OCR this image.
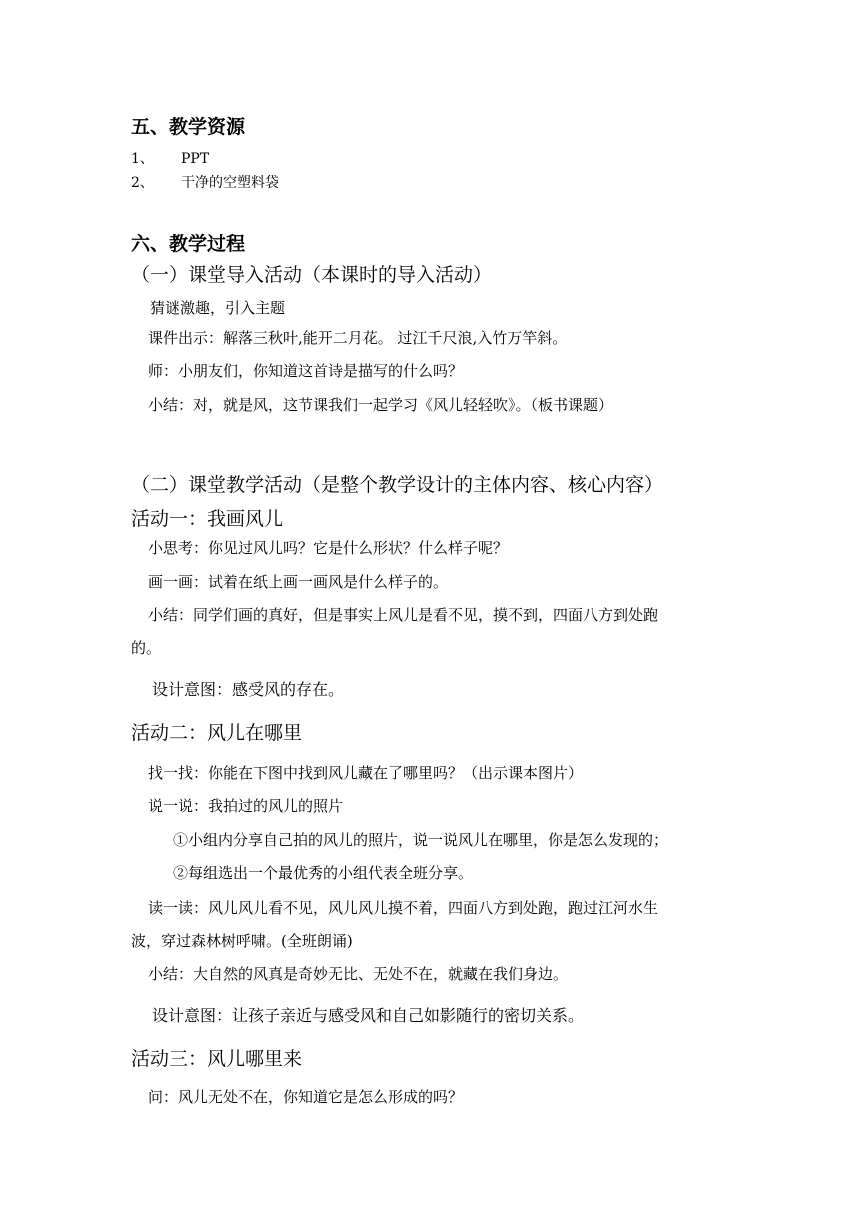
五、教学资源
1、 PPT
2、 干净的空塑料袋
六、教学过程
（一）课堂导入活动（本课时的导入活动）
猜谜激趣，引入主题
课件出示：解落三秋叶,能开二月花。 过江千尺浪,入竹万竿斜。
师：小朋友们，你知道这首诗是描写的什么吗？
小结：对，就是风，这节课我们一起学习《风儿轻轻吹》。（板书课题）
（二）课堂教学活动（是整个教学设计的主体内容、核心内容）
活动一：我画风儿
小思考：你见过风儿吗？它是什么形状？什么样子呢？
画一画：试着在纸上画一画风是什么样子的。
小结：同学们画的真好，但是事实上风儿是看不见，摸不到，四面八方到处跑
的。
设计意图：感受风的存在。
活动二：风儿在哪里
找一找：你能在下图中找到风儿藏在了哪里吗？（出示课本图片）
说一说：我拍过的风儿的照片
①小组内分享自己拍的风儿的照片，说一说风儿在哪里，你是怎么发现的；
②每组选出一个最优秀的小组代表全班分享。
读一读：风儿风儿看不见，风儿风儿摸不着，四面八方到处跑，跑过江河水生
波，穿过森林树呼啸。(全班朗诵)
小结：大自然的风真是奇妙无比、无处不在，就藏在我们身边。
设计意图：让孩子亲近与感受风和自己如影随行的密切关系。
活动三：风儿哪里来
问：风儿无处不在，你知道它是怎么形成的吗？
